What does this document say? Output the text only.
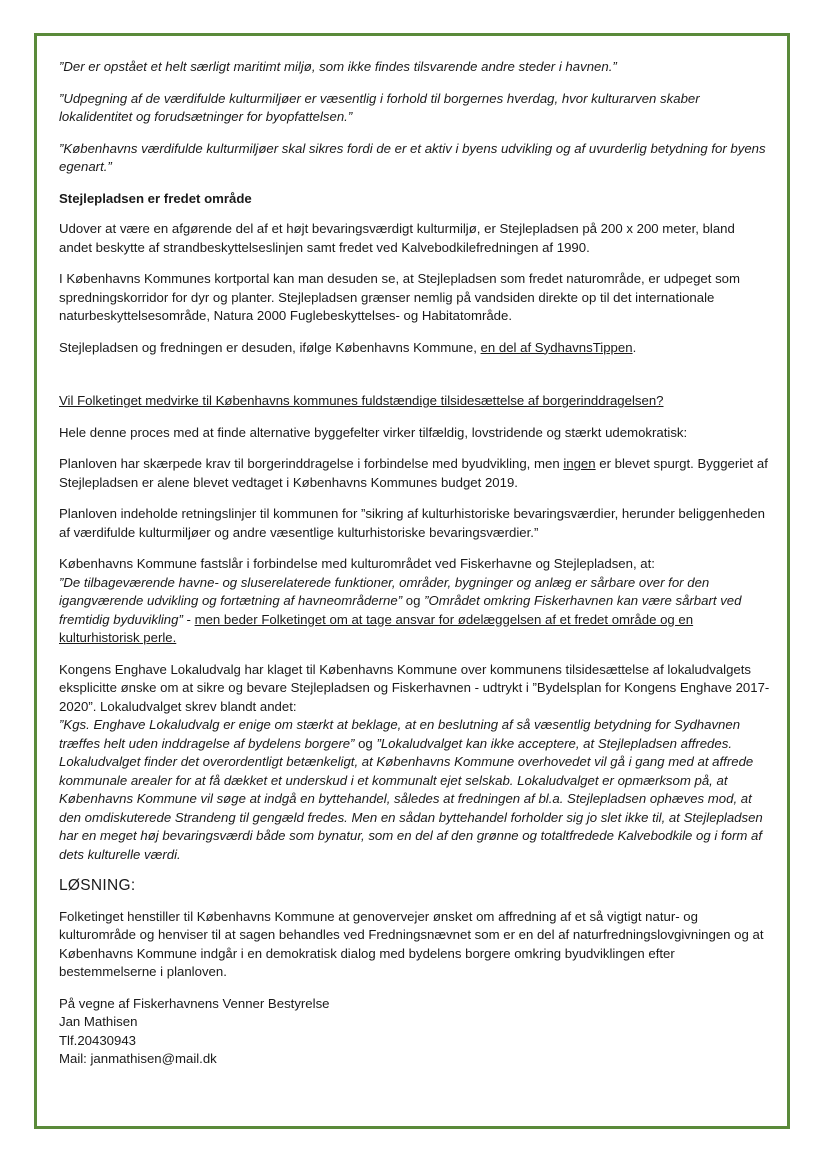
”Der er opstået et helt særligt maritimt miljø, som ikke findes tilsvarende andre steder i havnen.”

”Udpegning af de værdifulde kulturmiljøer er væsentlig i forhold til borgernes hverdag, hvor kulturarven skaber lokalidentitet og forudsætninger for byopfattelsen.”

”Københavns værdifulde kulturmiljøer skal sikres fordi de er et aktiv i byens udvikling og af uvurderlig betydning for byens egenart.”

Stejlepladsen er fredet område

Udover at være en afgørende del af et højt bevaringsværdigt kulturmiljø, er Stejlepladsen på 200 x 200 meter, bland andet beskytte af strandbeskyttelseslinjen samt fredet ved Kalvebodkilefredningen af 1990.

I Københavns Kommunes kortportal kan man desuden se, at Stejlepladsen som fredet naturområde, er udpeget som spredningskorridor for dyr og planter. Stejlepladsen grænser nemlig på vandsiden direkte op til det internationale naturbeskyttelsesområde, Natura 2000 Fuglebeskyttelses- og Habitatområde.

Stejlepladsen og fredningen er desuden, ifølge Københavns Kommune, en del af SydhavnsTippen.

Vil Folketinget medvirke til Københavns kommunes fuldstændige tilsidesættelse af borgerinddragelsen?

Hele denne proces med at finde alternative byggefelter virker tilfældig, lovstridende og stærkt udemokratisk:

Planloven har skærpede krav til borgerinddragelse i forbindelse med byudvikling, men ingen er blevet spurgt. Byggeriet af Stejlepladsen er alene blevet vedtaget i Københavns Kommunes budget 2019.

Planloven indeholde retningslinjer til kommunen for ”sikring af kulturhistoriske bevaringsværdier, herunder beliggenheden af værdifulde kulturmiljøer og andre væsentlige kulturhistoriske bevaringsværdier.”

Københavns Kommune fastslår i forbindelse med kulturområdet ved Fiskerhavne og Stejlepladsen, at:
”De tilbageværende havne- og sluserelaterede funktioner, områder, bygninger og anlæg er sårbare over for den igangværende udvikling og fortætning af havneområderne” og ”Området omkring Fiskerhavnen kan være sårbart ved fremtidig byduvikling” - men beder Folketinget om at tage ansvar for ødelæggelsen af et fredet område og en kulturhistorisk perle.

Kongens Enghave Lokaludvalg har klaget til Københavns Kommune over kommunens tilsidesættelse af lokaludvalgets eksplicitte ønske om at sikre og bevare Stejlepladsen og Fiskerhavnen - udtrykt i ”Bydelsplan for Kongens Enghave 2017-2020”. Lokaludvalget skrev blandt andet:
”Kgs. Enghave Lokaludvalg er enige om stærkt at beklage, at en beslutning af så væsentlig betydning for Sydhavnen træffes helt uden inddragelse af bydelens borgere” og ”Lokaludvalget kan ikke acceptere, at Stejlepladsen affredes. Lokaludvalget finder det overordentligt betænkeligt, at Københavns Kommune overhovedet vil gå i gang med at affrede kommunale arealer for at få dækket et underskud i et kommunalt ejet selskab. Lokaludvalget er opmærksom på, at Københavns Kommune vil søge at indgå en byttehandel, således at fredningen af bl.a. Stejlepladsen ophæves mod, at den omdiskuterede Strandeng til gengæld fredes. Men en sådan byttehandel forholder sig jo slet ikke til, at Stejlepladsen har en meget høj bevaringsværdi både som bynatur, som en del af den grønne og totaltfredede Kalvebodkile og i form af dets kulturelle værdi.

LØSNING:

Folketinget henstiller til Københavns Kommune at genovervejer ønsket om affredning af et så vigtigt natur- og kulturområde og henviser til at sagen behandles ved Fredningsnævnet som er en del af naturfredningslovgivningen og at Københavns Kommune indgår i en demokratisk dialog med bydelens borgere omkring byudviklingen efter bestemmelserne i planloven.

På vegne af Fiskerhavnens Venner Bestyrelse
Jan Mathisen
Tlf.20430943
Mail: janmathisen@mail.dk
